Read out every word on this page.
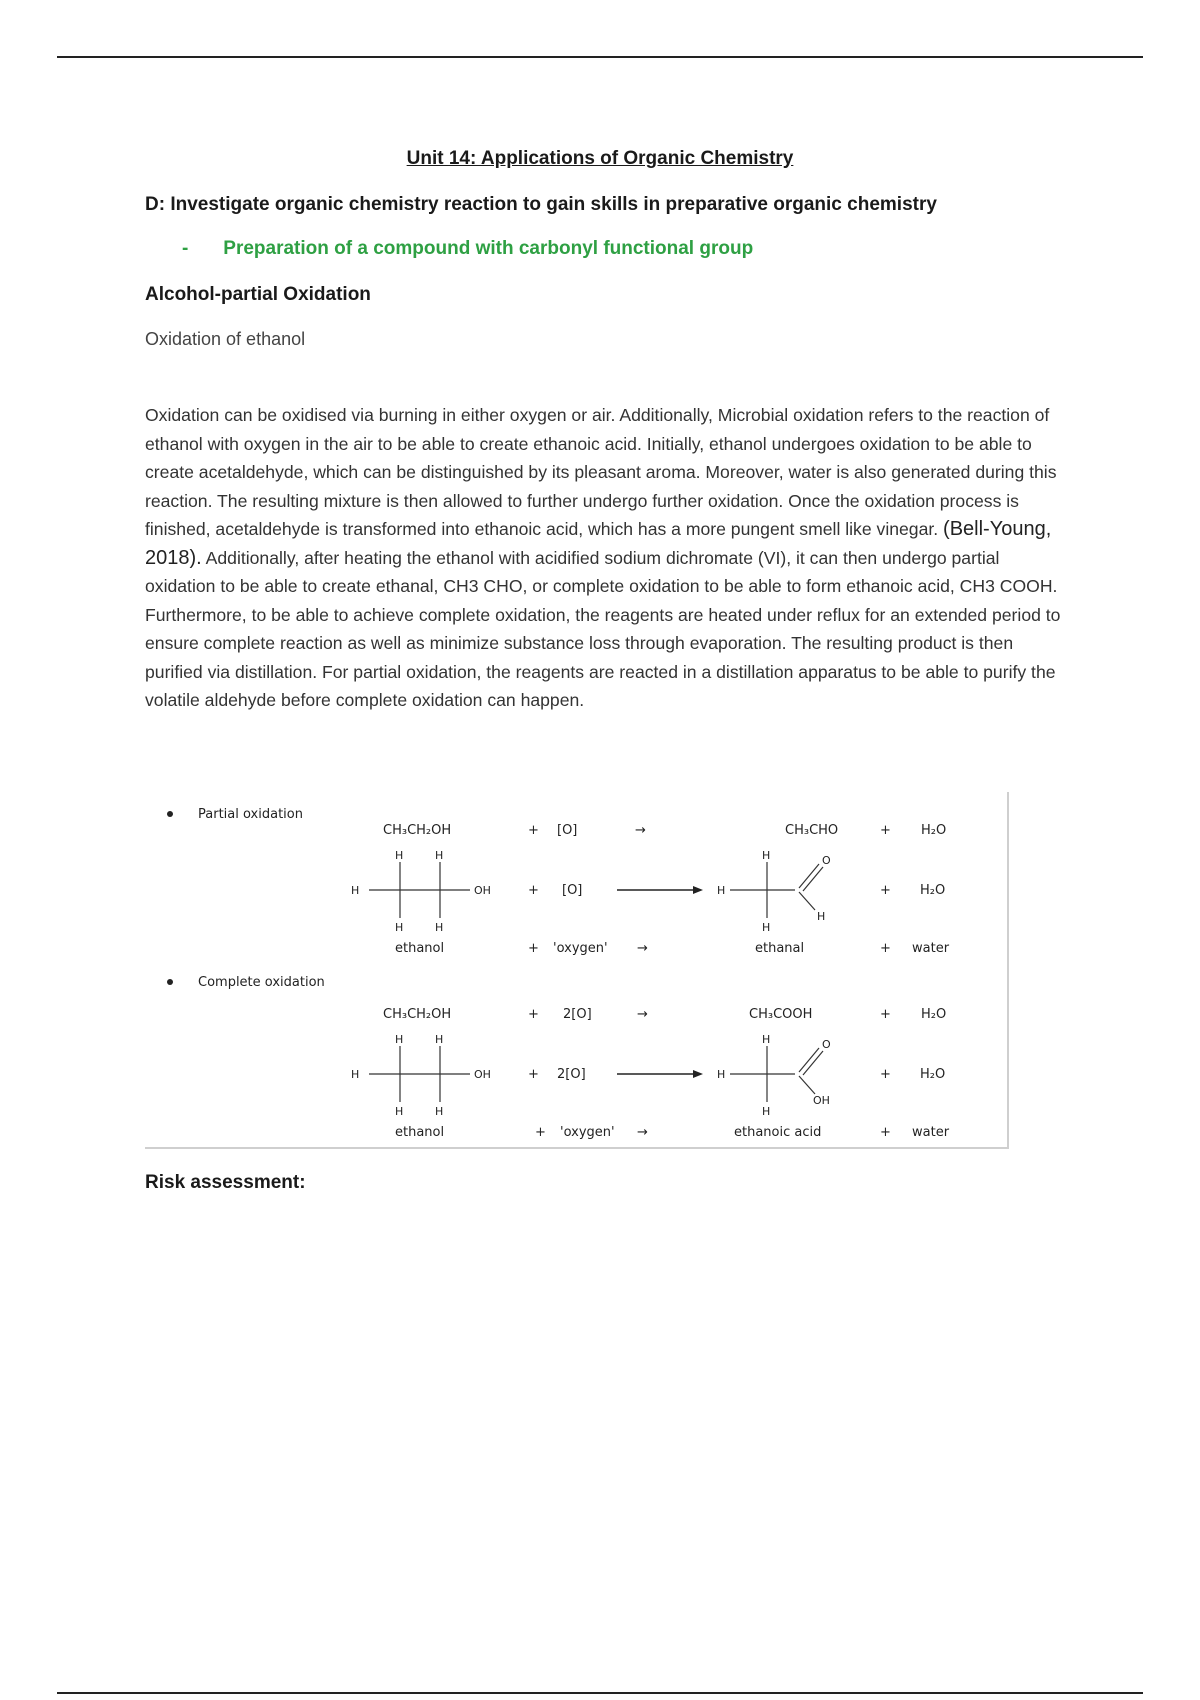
Unit 14: Applications of Organic Chemistry
D: Investigate organic chemistry reaction to gain skills in preparative organic chemistry
- Preparation of a compound with carbonyl functional group
Alcohol-partial Oxidation
Oxidation of ethanol
Oxidation can be oxidised via burning in either oxygen or air. Additionally, Microbial oxidation refers to the reaction of ethanol with oxygen in the air to be able to create ethanoic acid. Initially, ethanol undergoes oxidation to be able to create acetaldehyde, which can be distinguished by its pleasant aroma. Moreover, water is also generated during this reaction. The resulting mixture is then allowed to further undergo further oxidation. Once the oxidation process is finished, acetaldehyde is transformed into ethanoic acid, which has a more pungent smell like vinegar. (Bell-Young, 2018). Additionally, after heating the ethanol with acidified sodium dichromate (VI), it can then undergo partial oxidation to be able to create ethanal, CH3 CHO, or complete oxidation to be able to form ethanoic acid, CH3 COOH. Furthermore, to be able to achieve complete oxidation, the reagents are heated under reflux for an extended period to ensure complete reaction as well as minimize substance loss through evaporation. The resulting product is then purified via distillation. For partial oxidation, the reagents are reacted in a distillation apparatus to be able to purify the volatile aldehyde before complete oxidation can happen.
Partial oxidation
CH₃CH₂OH	+ [O]	→	CH₃CHO	+ H₂O
H
H	H
H	H
OH	+ [O]	H
H
H
O
H
+ H₂O
ethanol	+ 'oxygen' →	ethanal	+ water
Complete oxidation
CH₃CH₂OH	+ 2[O]	→	CH₃COOH	+ H₂O
H
H	H
H	H
OH	+ 2[O]	H
H
H
O
OH
+ H₂O
ethanol	+ 'oxygen' →	ethanoic acid	+ water
Risk assessment:
